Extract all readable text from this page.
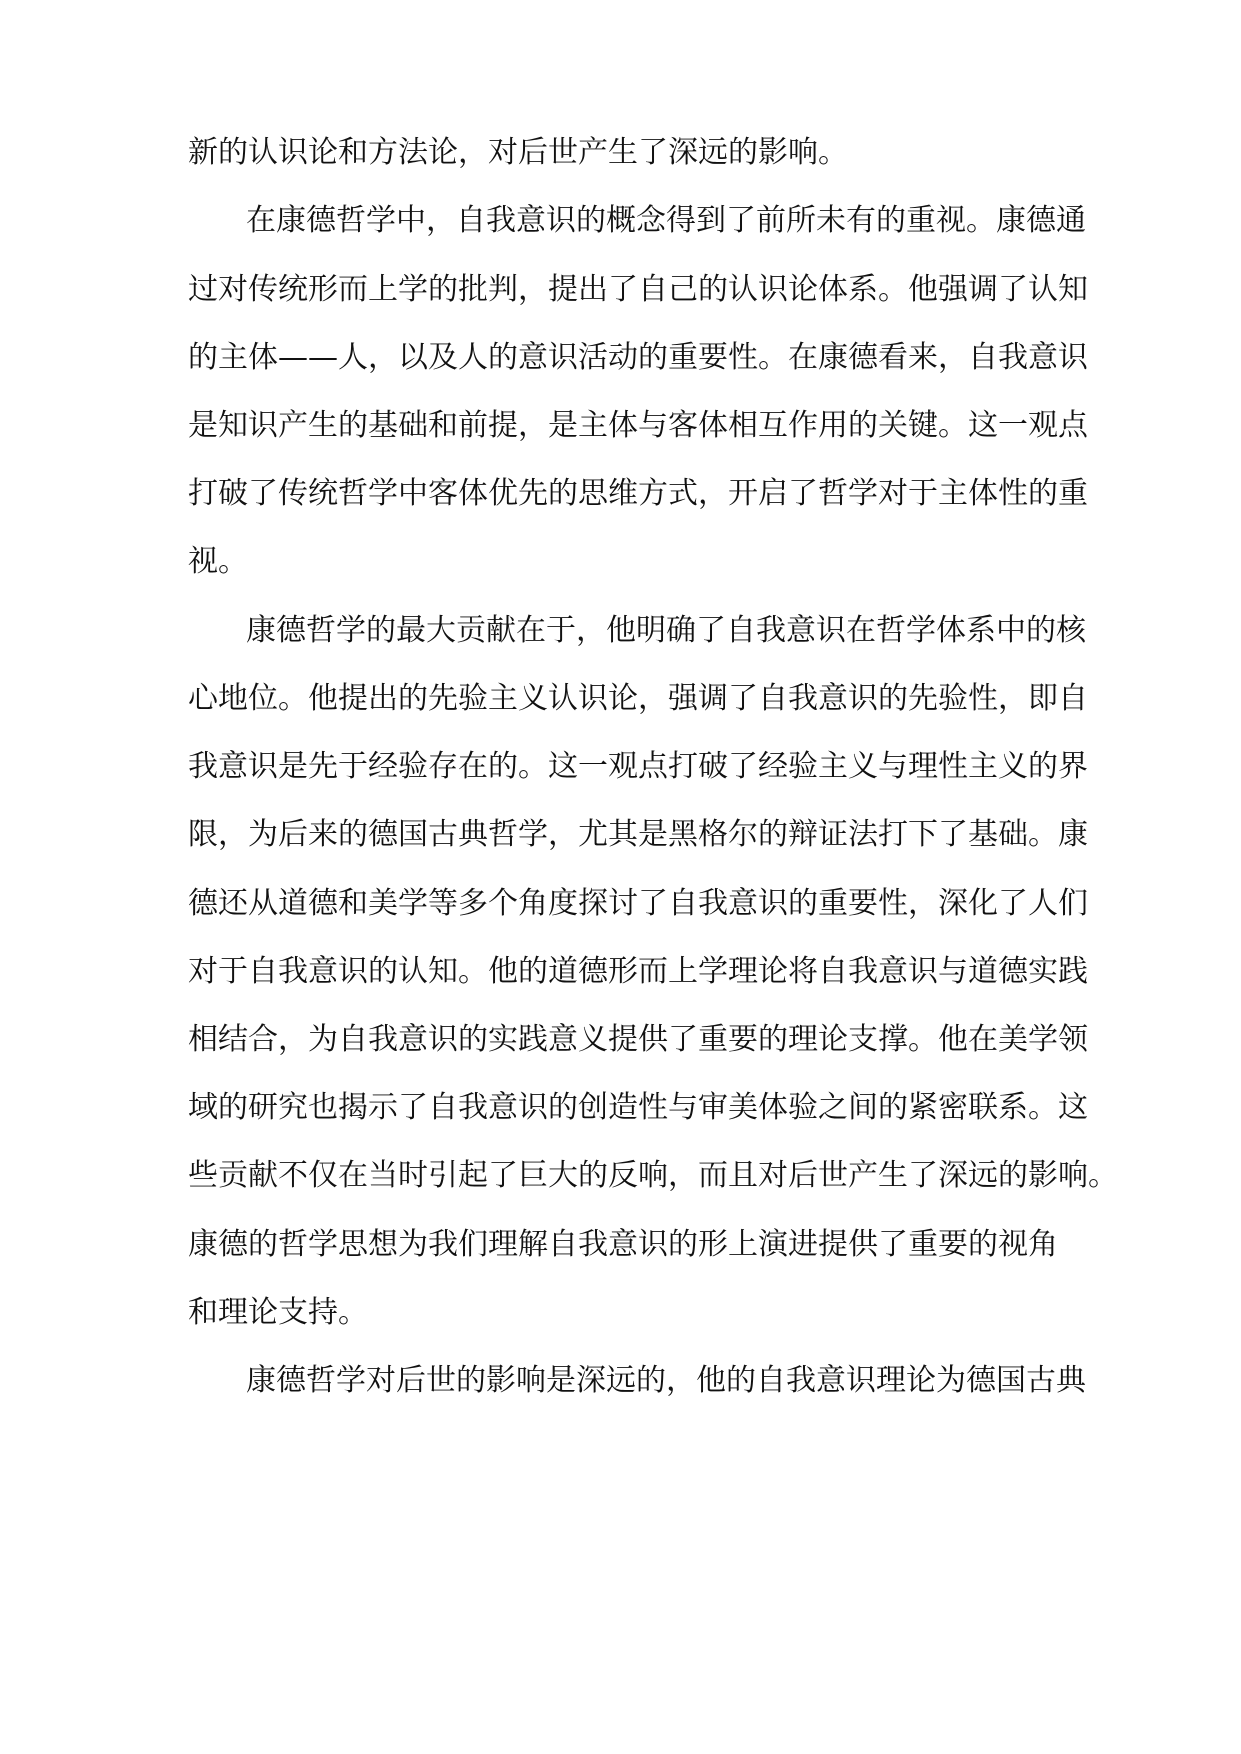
新的认识论和方法论，对后世产生了深远的影响。
在康德哲学中，自我意识的概念得到了前所未有的重视。康德通
过对传统形而上学的批判，提出了自己的认识论体系。他强调了认知
的主体——人，以及人的意识活动的重要性。在康德看来，自我意识
是知识产生的基础和前提，是主体与客体相互作用的关键。这一观点
打破了传统哲学中客体优先的思维方式，开启了哲学对于主体性的重
视。
康德哲学的最大贡献在于，他明确了自我意识在哲学体系中的核
心地位。他提出的先验主义认识论，强调了自我意识的先验性，即自
我意识是先于经验存在的。这一观点打破了经验主义与理性主义的界
限，为后来的德国古典哲学，尤其是黑格尔的辩证法打下了基础。康
德还从道德和美学等多个角度探讨了自我意识的重要性，深化了人们
对于自我意识的认知。他的道德形而上学理论将自我意识与道德实践
相结合，为自我意识的实践意义提供了重要的理论支撑。他在美学领
域的研究也揭示了自我意识的创造性与审美体验之间的紧密联系。这
些贡献不仅在当时引起了巨大的反响，而且对后世产生了深远的影响。
康德的哲学思想为我们理解自我意识的形上演进提供了重要的视角
和理论支持。
康德哲学对后世的影响是深远的，他的自我意识理论为德国古典
